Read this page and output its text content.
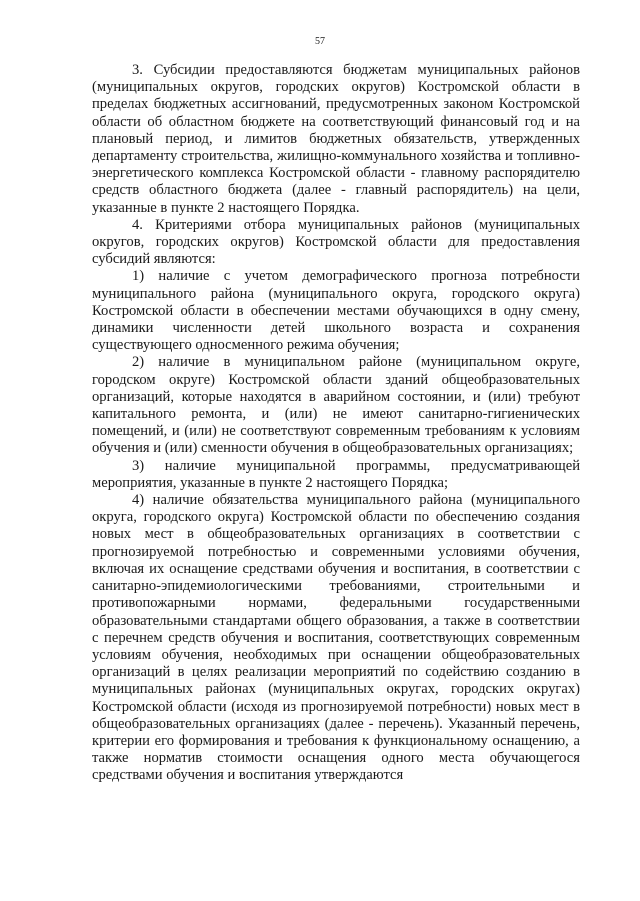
57

3. Субсидии предоставляются бюджетам муниципальных районов (муниципальных округов, городских округов) Костромской области в пределах бюджетных ассигнований, предусмотренных законом Костромской области об областном бюджете на соответствующий финансовый год и на плановый период, и лимитов бюджетных обязательств, утвержденных департаменту строительства, жилищно-коммунального хозяйства и топливно-энергетического комплекса Костромской области - главному распорядителю средств областного бюджета (далее - главный распорядитель) на цели, указанные в пункте 2 настоящего Порядка.

4. Критериями отбора муниципальных районов (муниципальных округов, городских округов) Костромской области для предоставления субсидий являются:

1) наличие с учетом демографического прогноза потребности муниципального района (муниципального округа, городского округа) Костромской области в обеспечении местами обучающихся в одну смену, динамики численности детей школьного возраста и сохранения существующего односменного режима обучения;

2) наличие в муниципальном районе (муниципальном округе, городском округе) Костромской области зданий общеобразовательных организаций, которые находятся в аварийном состоянии, и (или) требуют капитального ремонта, и (или) не имеют санитарно-гигиенических помещений, и (или) не соответствуют современным требованиям к условиям обучения и (или) сменности обучения в общеобразовательных организациях;

3) наличие муниципальной программы, предусматривающей мероприятия, указанные в пункте 2 настоящего Порядка;

4) наличие обязательства муниципального района (муниципального округа, городского округа) Костромской области по обеспечению создания новых мест в общеобразовательных организациях в соответствии с прогнозируемой потребностью и современными условиями обучения, включая их оснащение средствами обучения и воспитания, в соответствии с санитарно-эпидемиологическими требованиями, строительными и противопожарными нормами, федеральными государственными образовательными стандартами общего образования, а также в соответствии с перечнем средств обучения и воспитания, соответствующих современным условиям обучения, необходимых при оснащении общеобразовательных организаций в целях реализации мероприятий по содействию созданию в муниципальных районах (муниципальных округах, городских округах) Костромской области (исходя из прогнозируемой потребности) новых мест в общеобразовательных организациях (далее - перечень). Указанный перечень, критерии его формирования и требования к функциональному оснащению, а также норматив стоимости оснащения одного места обучающегося средствами обучения и воспитания утверждаются
